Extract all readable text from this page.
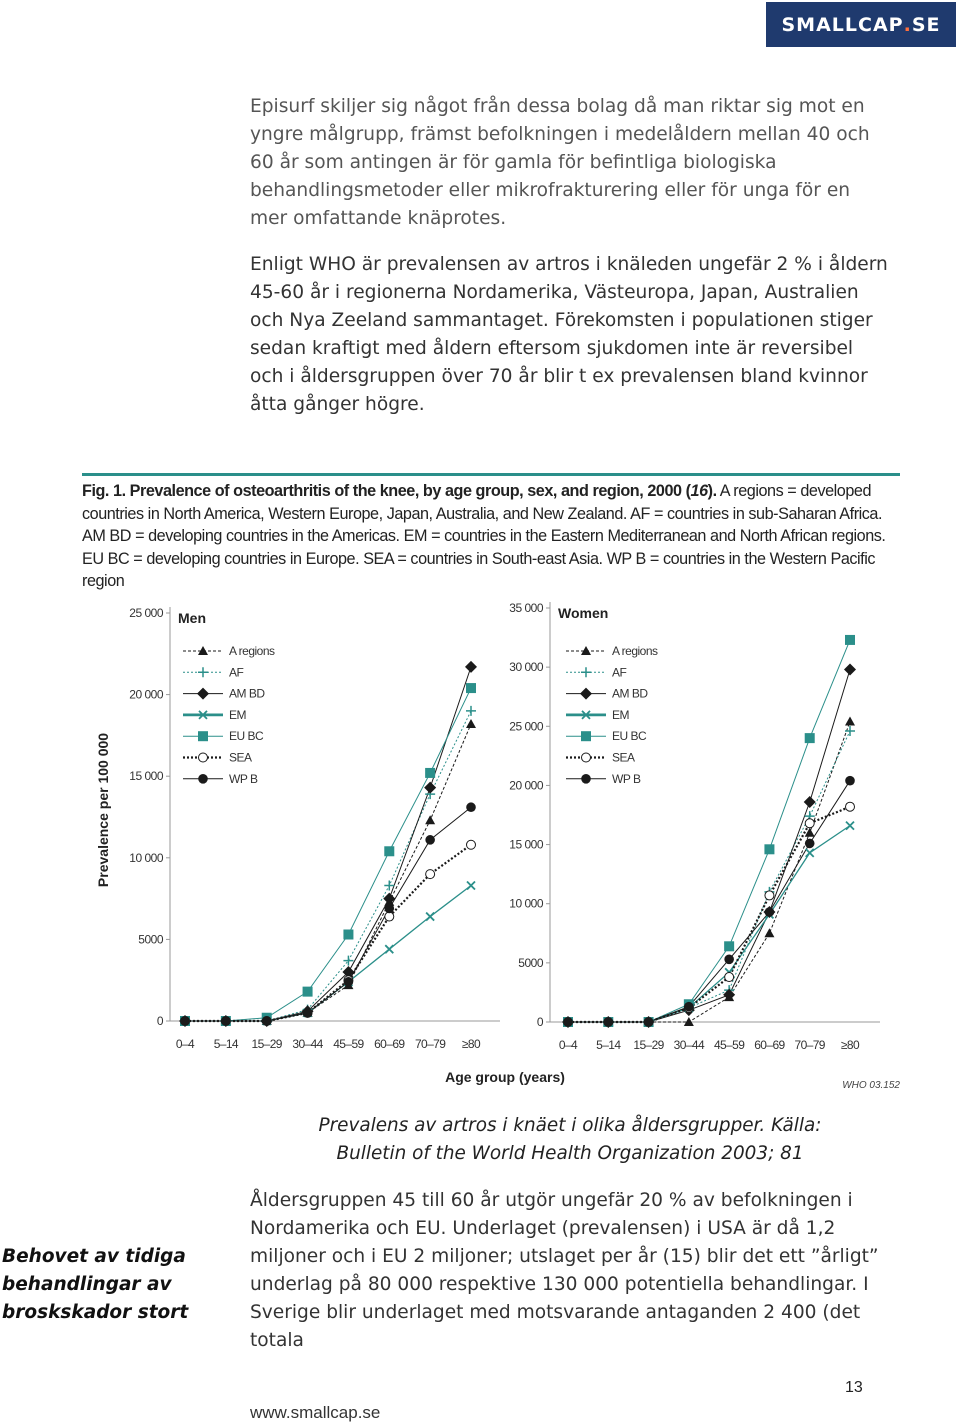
SMALLCAP . SE

Episurf skiljer sig något från dessa bolag då man riktar sig mot en yngre målgrupp, främst befolkningen i medelåldern mellan 40 och 60 år som antingen är för gamla för befintliga biologiska behandlingsmetoder eller mikrofrakturering eller för unga för en mer omfattande knäprotes.

Enligt WHO är prevalensen av artros i knäleden ungefär 2 % i åldern 45-60 år i regionerna Nordamerika, Västeuropa, Japan, Australien och Nya Zeeland sammantaget. Förekomsten i populationen stiger sedan kraftigt med åldern eftersom sjukdomen inte är reversibel och i åldersgruppen över 70 år blir t ex prevalensen bland kvinnor åtta gånger högre.

Fig. 1. Prevalence of osteoarthritis of the knee, by age group, sex, and region, 2000 (16). A regions = developed countries in North America, Western Europe, Japan, Australia, and New Zealand. AF = countries in sub-Saharan Africa. AM BD = developing countries in the Americas. EM = countries in the Eastern Mediterranean and North African regions. EU BC = developing countries in Europe. SEA = countries in South-east Asia. WP B = countries in the Western Pacific region

0
5000
10 000
15 000
20 000
25 000
0–4 5–14 15–29 30–44 45–59 60–69 70–79 ≥80
Men
A regions
AF
AM BD
EM
EU BC
SEA
WP B
0
5000
10 000
15 000
20 000
25 000
30 000
35 000
0–4 5–14 15–29 30–44 45–59 60–69 70–79 ≥80
Women
A regions
AF
AM BD
EM
EU BC
SEA
WP B
Prevalence per 100 000
Age group (years)
WHO 03.152
Prevalens av artros i knäet i olika åldersgrupper. Källa:
Bulletin of the World Health Organization 2003; 81
Behovet av tidiga behandlingar av broskskador stort

Åldersgruppen 45 till 60 år utgör ungefär 20 % av befolkningen i Nordamerika och EU. Underlaget (prevalensen) i USA är då 1,2 miljoner och i EU 2 miljoner; utslaget per år (15) blir det ett ”årligt” underlag på 80 000 respektive 130 000 potentiella behandlingar. I Sverige blir underlaget med motsvarande antaganden 2 400 (det totala

13
www.smallcap.se
